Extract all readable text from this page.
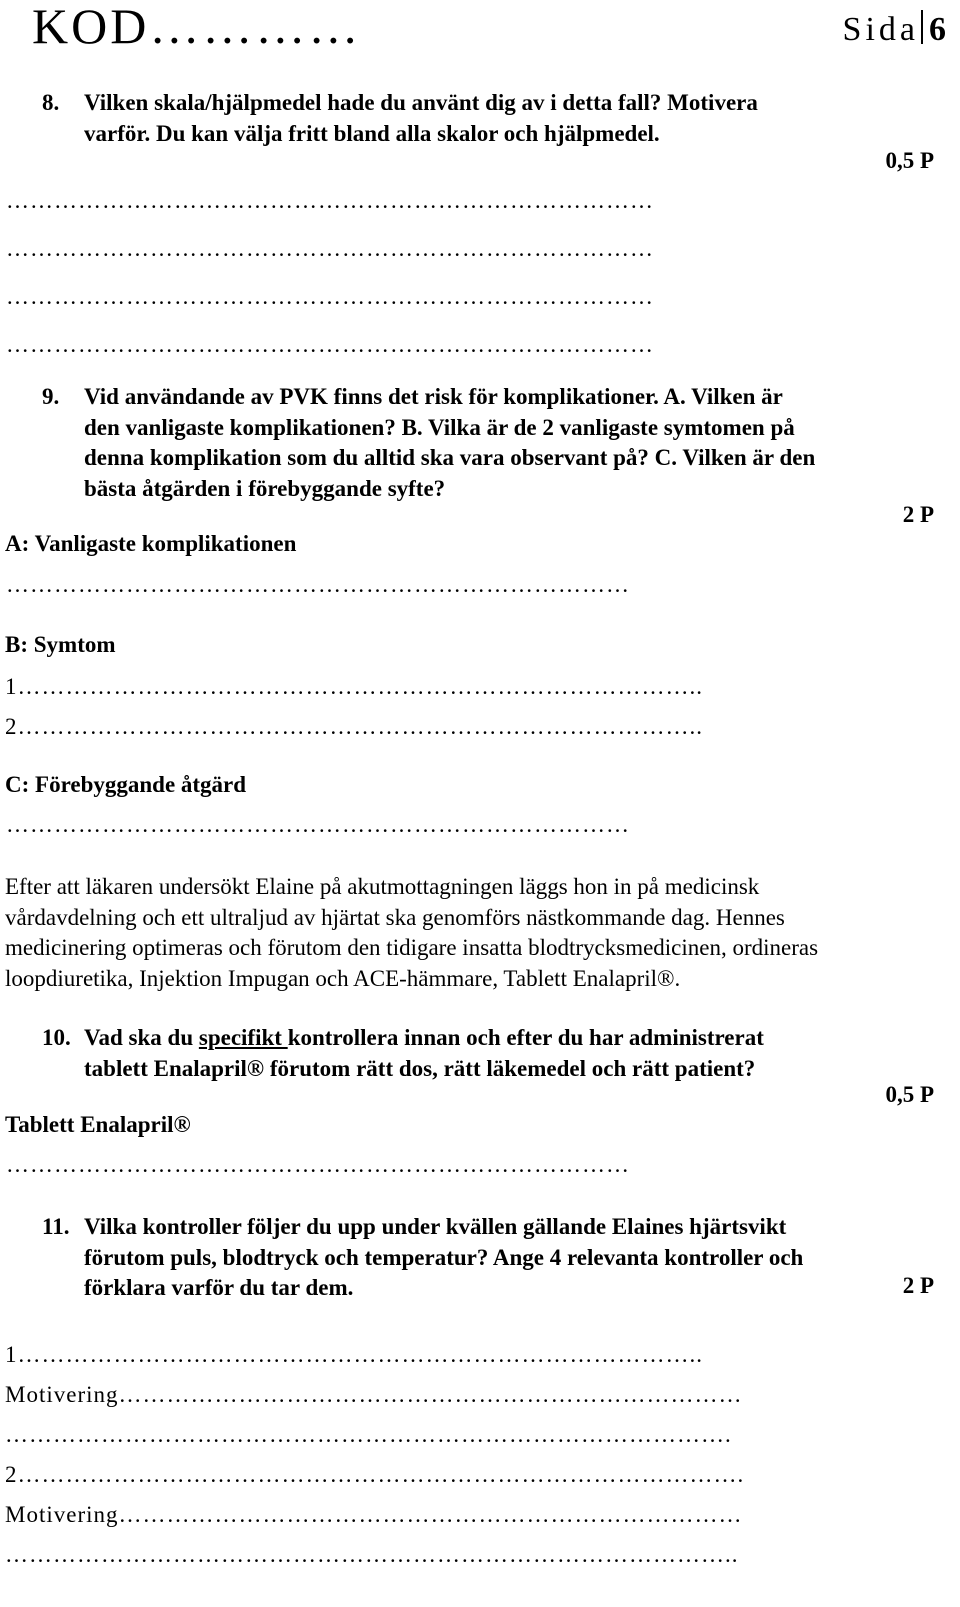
KOD…………	Sida 6
8. Vilken skala/hjälpmedel hade du använt dig av i detta fall? Motivera
varför. Du kan välja fritt bland alla skalor och hjälpmedel.
0,5 P
………………………………………………………………………
………………………………………………………………………
………………………………………………………………………
………………………………………………………………………
9. Vid användande av PVK finns det risk för komplikationer. A. Vilken är
den vanligaste komplikationen? B. Vilka är de 2 vanligaste symtomen på
denna komplikation som du alltid ska vara observant på? C. Vilken är den
bästa åtgärden i förebyggande syfte?
2 P
A: Vanligaste komplikationen
……………………………………………………………………
B: Symtom
1…………………………………………………………………………..
2…………………………………………………………………………..
C: Förebyggande åtgärd
……………………………………………………………………
Efter att läkaren undersökt Elaine på akutmottagningen läggs hon in på medicinsk
vårdavdelning och ett ultraljud av hjärtat ska genomförs nästkommande dag. Hennes
medicinering optimeras och förutom den tidigare insatta blodtrycksmedicinen, ordineras
loopdiuretika, Injektion Impugan och ACE-hämmare, Tablett Enalapril®.
10. Vad ska du specifikt kontrollera innan och efter du har administrerat
tablett Enalapril® förutom rätt dos, rätt läkemedel och rätt patient?
0,5 P
Tablett Enalapril®
……………………………………………………………………
11. Vilka kontroller följer du upp under kvällen gällande Elaines hjärtsvikt
förutom puls, blodtryck och temperatur? Ange 4 relevanta kontroller och
förklara varför du tar dem.	2 P
1…………………………………………………………………………..
Motivering……………………………………………………………………
……………………………………………………………………………….
2……………………………………………………………………………….
Motivering……………………………………………………………………
………………………………………………………………………………..
